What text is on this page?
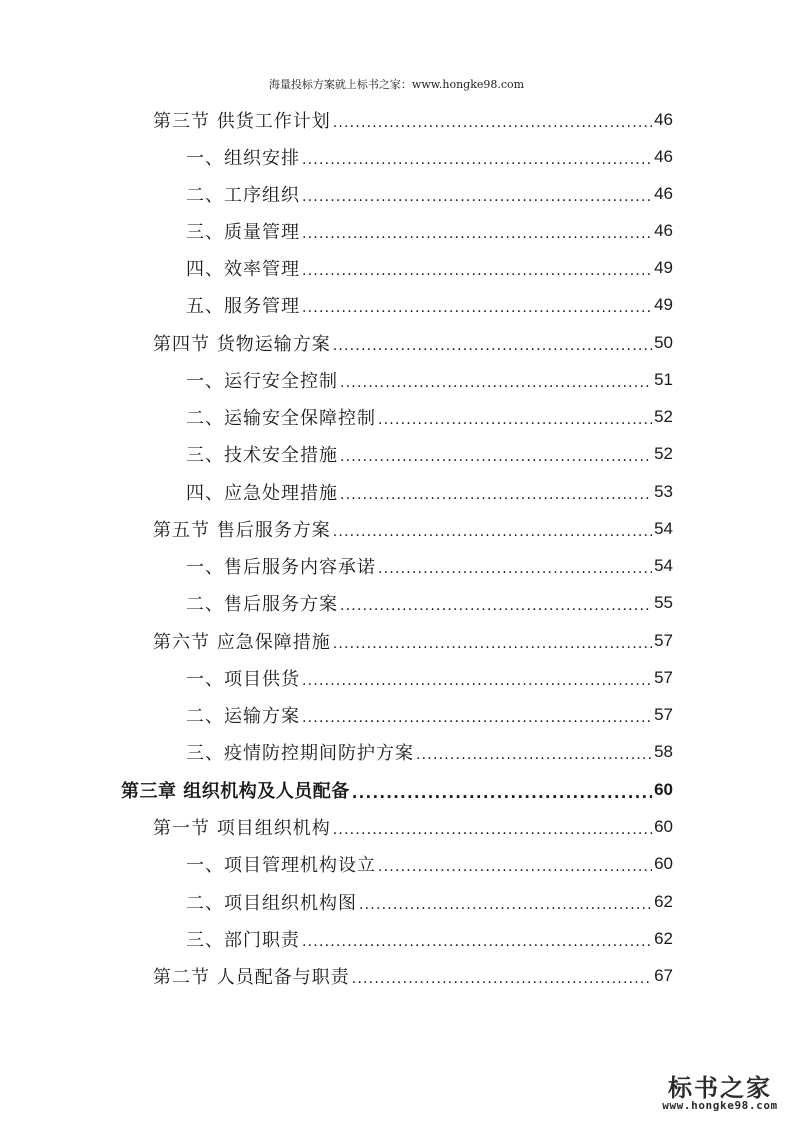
海量投标方案就上标书之家：www.hongke98.com
第三节 供货工作计划 .....	46
一、组织安排 .....	46
二、工序组织 .....	46
三、质量管理 .....	46
四、效率管理 .....	49
五、服务管理 .....	49
第四节 货物运输方案 .....	50
一、运行安全控制 .....	51
二、运输安全保障控制 .....	52
三、技术安全措施 .....	52
四、应急处理措施 .....	53
第五节 售后服务方案 .....	54
一、售后服务内容承诺 .....	54
二、售后服务方案 .....	55
第六节 应急保障措施 .....	57
一、项目供货 .....	57
二、运输方案 .....	57
三、疫情防控期间防护方案 .....	58
第三章 组织机构及人员配备 .....	60
第一节 项目组织机构 .....	60
一、项目管理机构设立 .....	60
二、项目组织机构图 .....	62
三、部门职责 .....	62
第二节 人员配备与职责 .....	67
标书之家
www.hongke98.com
